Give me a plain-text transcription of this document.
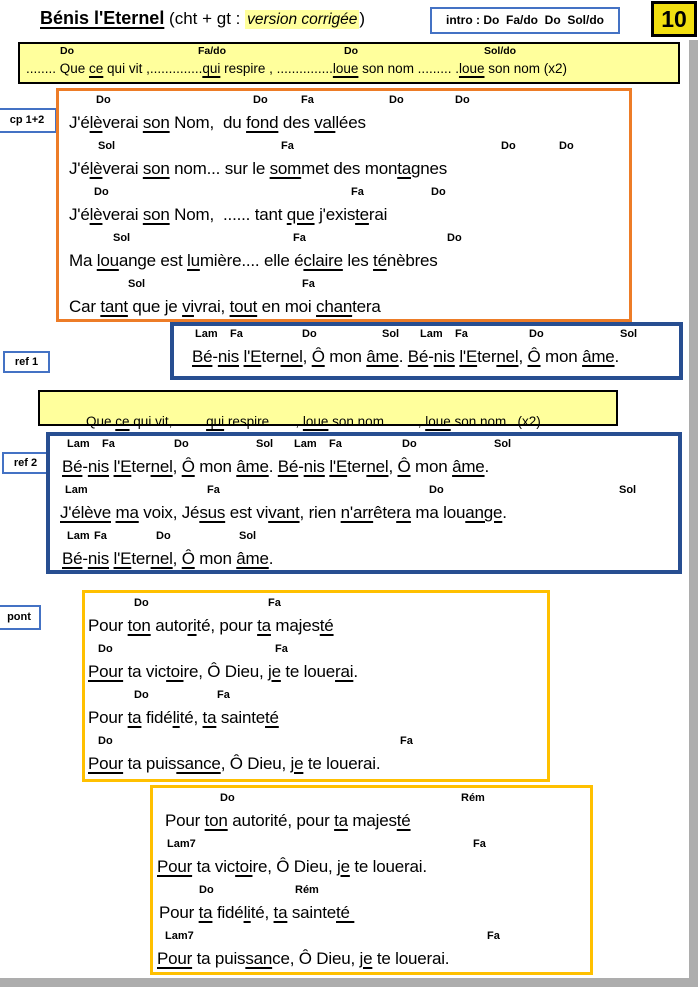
Bénis l'Eternel (cht + gt : version corrigée )	intro : Do  Fa/do  Do  Sol/do	10
cp 1+2
ref 1
ref 2
pont
Do	Fa/do	Do	Sol/do
........ Que ce qui vit ,..............qui respire , ...............loue son nom ......... .loue son nom (x2)
Do	Do	Fa	Do	Do
J'élèverai son Nom,  du fond des vallées
Sol	Fa	Do	Do
J'élèverai son nom... sur le sommet des montagnes
Do	Fa	Do
J'élèverai son Nom,  ...... tant que j'existerai
Sol	Fa	Do
Ma louange est lumière.... elle éclaire les ténèbres
Sol	Fa
Car tant que je vivrai, tout en moi chantera
Lam Fa	Do	Sol Lam Fa	Do	Sol
Bé-nis l'Eternel, Ô mon âme. Bé-nis l'Eternel, Ô mon âme.
......  Que ce qui vit,.........qui respire ......, loue son nom ........, loue son nom   (x2)
Lam Fa	Do	Sol Lam Fa	Do	Sol
Bé-nis l'Eternel, Ô mon âme. Bé-nis l'Eternel, Ô mon âme.
Lam	Fa	Do	Sol
J'élève ma voix, Jésus est vivant, rien n'arrêtera ma louange.
Lam Fa	Do	Sol
Bé-nis l'Eternel, Ô mon âme.
Do	Fa
Pour ton autorité, pour ta majesté
Do	Fa
Pour ta victoire, Ô Dieu, je te louerai.
Do	Fa
Pour ta fidélité, ta sainteté
Do	Fa
Pour ta puissance, Ô Dieu, je te louerai.
Do	Rém
Pour ton autorité, pour ta majesté
Lam7	Fa
Pour ta victoire, Ô Dieu, je te louerai.
Do	Rém
Pour ta fidélité, ta sainteté
Lam7	Fa
Pour ta puissance, Ô Dieu, je te louerai.
